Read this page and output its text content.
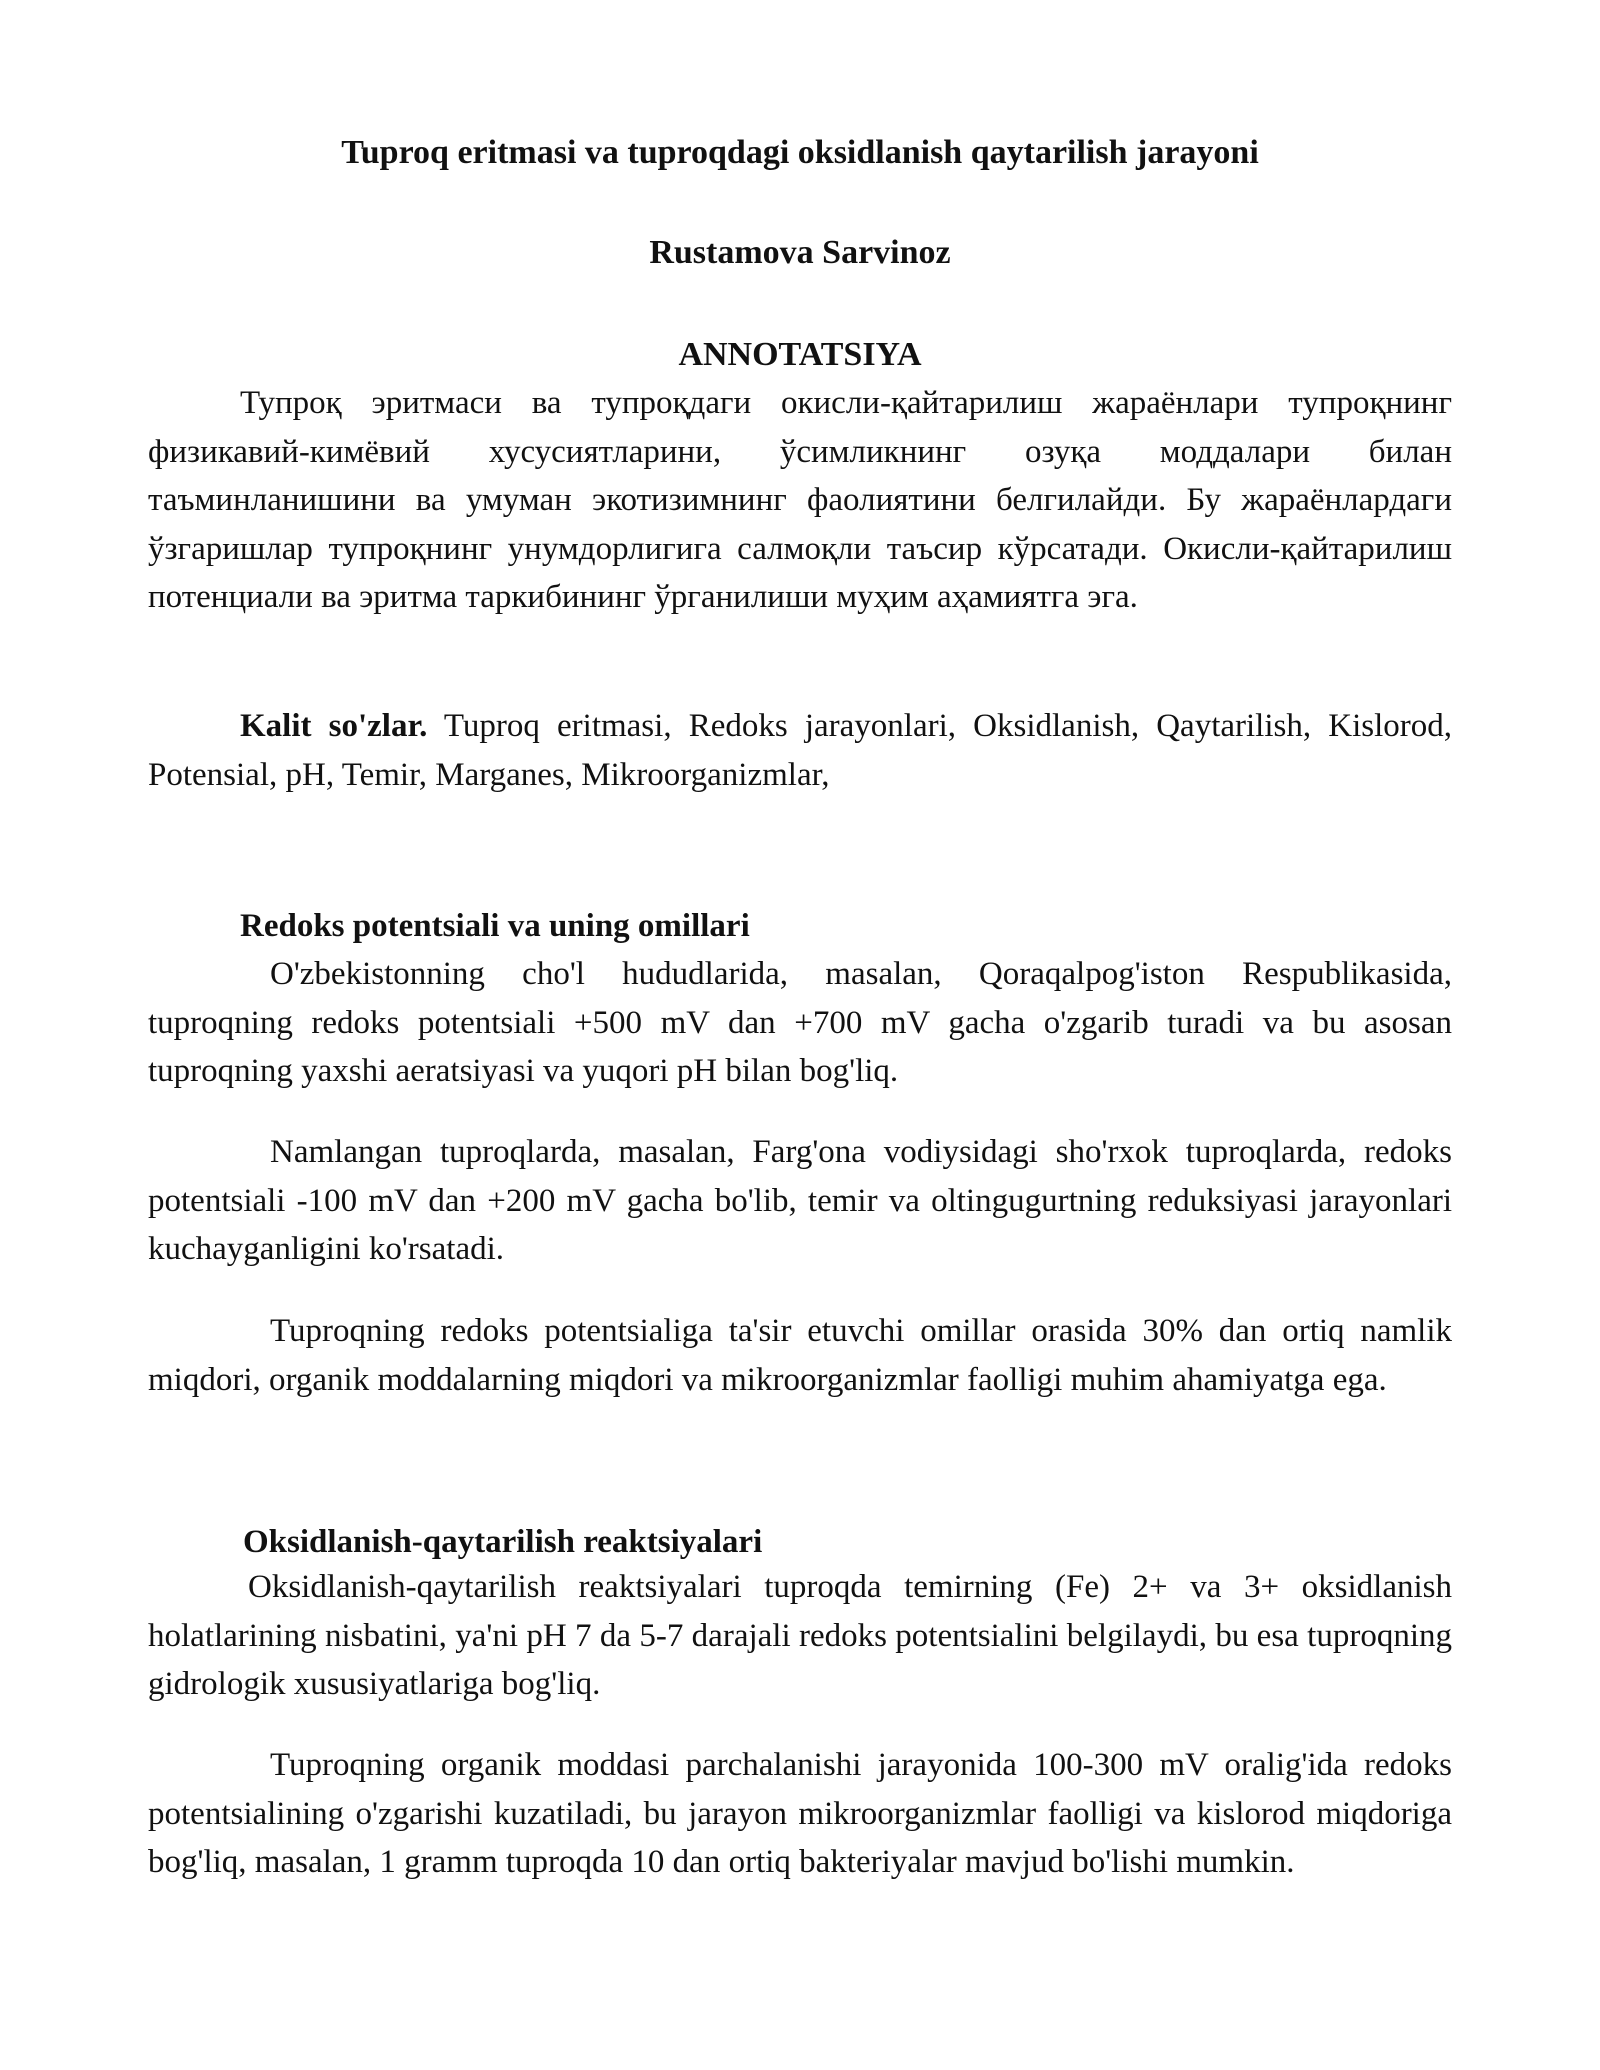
Tuproq eritmasi va tuproqdagi oksidlanish qaytarilish jarayoni
Rustamova Sarvinoz
ANNOTATSIYA

Тупроқ эритмаси ва тупроқдаги окисли-қайтарилиш жараёнлари тупроқнинг физикавий-кимёвий хусусиятларини, ўсимликнинг озуқа моддалари билан таъминланишини ва умуман экотизимнинг фаолиятини белгилайди. Бу жараёнлардаги ўзгаришлар тупроқнинг унумдорлигига салмоқли таъсир кўрсатади. Окисли-қайтарилиш потенциали ва эритма таркибининг ўрганилиши муҳим аҳамиятга эга.

Kalit so'zlar. Tuproq eritmasi, Redoks jarayonlari, Oksidlanish, Qaytarilish, Kislorod, Potensial, pH, Temir, Marganes, Mikroorganizmlar,

Redoks potentsiali va uning omillari

O'zbekistonning cho'l hududlarida, masalan, Qoraqalpog'iston Respublikasida, tuproqning redoks potentsiali +500 mV dan +700 mV gacha o'zgarib turadi va bu asosan tuproqning yaxshi aeratsiyasi va yuqori pH bilan bog'liq.

Namlangan tuproqlarda, masalan, Farg'ona vodiysidagi sho'rxok tuproqlarda, redoks potentsiali -100 mV dan +200 mV gacha bo'lib, temir va oltingugurtning reduksiyasi jarayonlari kuchayganligini ko'rsatadi.

Tuproqning redoks potentsialiga ta'sir etuvchi omillar orasida 30% dan ortiq namlik miqdori, organik moddalarning miqdori va mikroorganizmlar faolligi muhim ahamiyatga ega.

Oksidlanish-qaytarilish reaktsiyalari

Oksidlanish-qaytarilish reaktsiyalari tuproqda temirning (Fe) 2+ va 3+ oksidlanish holatlarining nisbatini, ya'ni pH 7 da 5-7 darajali redoks potentsialini belgilaydi, bu esa tuproqning gidrologik xususiyatlariga bog'liq.

Tuproqning organik moddasi parchalanishi jarayonida 100-300 mV oralig'ida redoks potentsialining o'zgarishi kuzatiladi, bu jarayon mikroorganizmlar faolligi va kislorod miqdoriga bog'liq, masalan, 1 gramm tuproqda 10 dan ortiq bakteriyalar mavjud bo'lishi mumkin.
